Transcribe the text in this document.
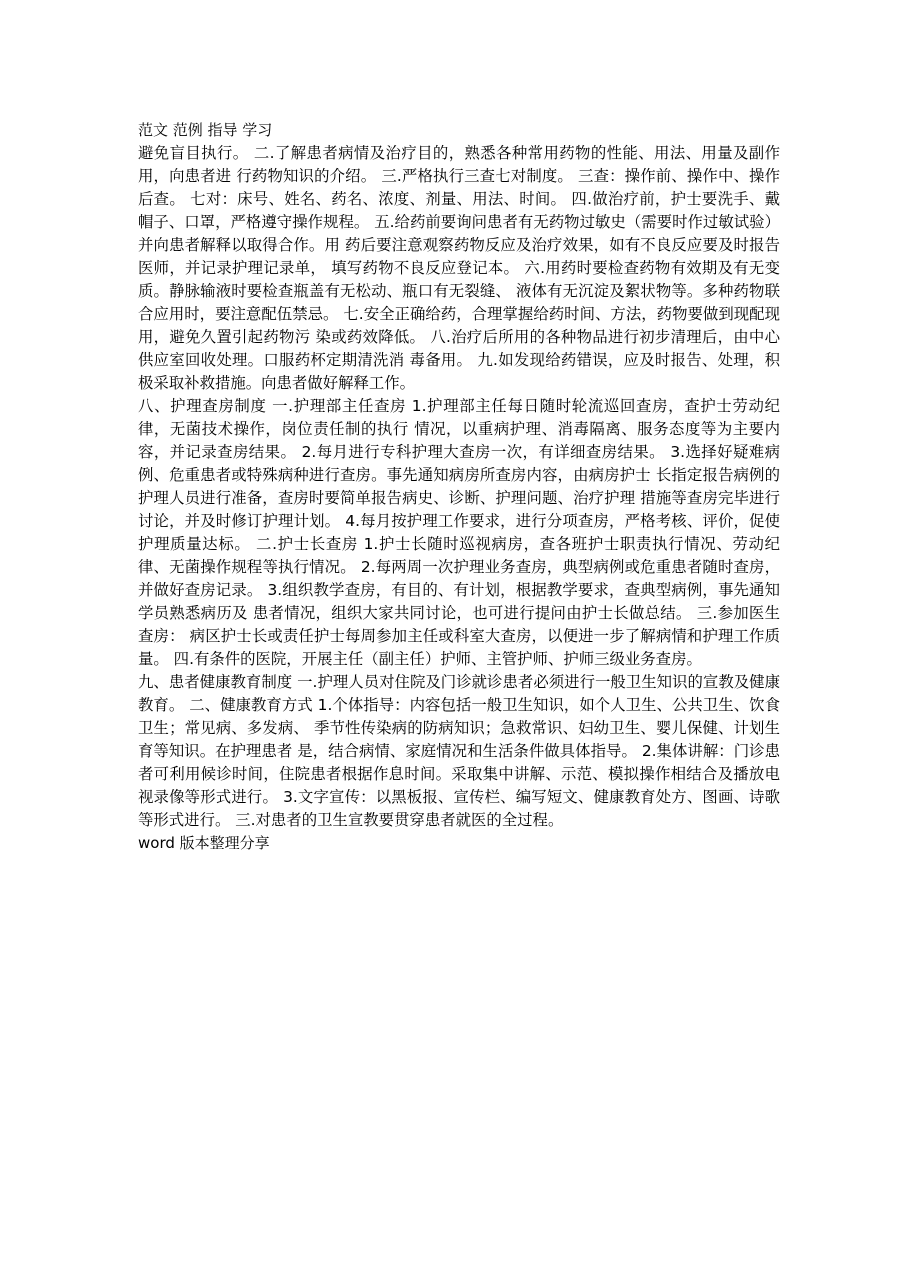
范文 范例 指导 学习

避免盲目执行。 二.了解患者病情及治疗目的，熟悉各种常用药物的性能、用法、用量及副作用，向患者进 行药物知识的介绍。 三.严格执行三查七对制度。 三查：操作前、操作中、操作后查。 七对：床号、姓名、药名、浓度、剂量、用法、时间。 四.做治疗前，护士要洗手、戴帽子、口罩，严格遵守操作规程。 五.给药前要询问患者有无药物过敏史（需要时作过敏试验）并向患者解释以取得合作。用 药后要注意观察药物反应及治疗效果，如有不良反应要及时报告医师，并记录护理记录单， 填写药物不良反应登记本。 六.用药时要检查药物有效期及有无变质。静脉输液时要检查瓶盖有无松动、瓶口有无裂缝、 液体有无沉淀及絮状物等。多种药物联合应用时，要注意配伍禁忌。 七.安全正确给药，合理掌握给药时间、方法，药物要做到现配现用，避免久置引起药物污 染或药效降低。 八.治疗后所用的各种物品进行初步清理后，由中心供应室回收处理。口服药杯定期清洗消 毒备用。 九.如发现给药错误，应及时报告、处理，积极采取补救措施。向患者做好解释工作。

八、护理查房制度 一.护理部主任查房 1.护理部主任每日随时轮流巡回查房，查护士劳动纪律，无菌技术操作，岗位责任制的执行 情况，以重病护理、消毒隔离、服务态度等为主要内容，并记录查房结果。 2.每月进行专科护理大查房一次，有详细查房结果。 3.选择好疑难病例、危重患者或特殊病种进行查房。事先通知病房所查房内容，由病房护士 长指定报告病例的护理人员进行准备，查房时要简单报告病史、诊断、护理问题、治疗护理 措施等查房完毕进行讨论，并及时修订护理计划。 4.每月按护理工作要求，进行分项查房，严格考核、评价，促使护理质量达标。 二.护士长查房 1.护士长随时巡视病房，查各班护士职责执行情况、劳动纪律、无菌操作规程等执行情况。 2.每两周一次护理业务查房，典型病例或危重患者随时查房，并做好查房记录。 3.组织教学查房，有目的、有计划，根据教学要求，查典型病例，事先通知学员熟悉病历及 患者情况，组织大家共同讨论，也可进行提问由护士长做总结。 三.参加医生查房： 病区护士长或责任护士每周参加主任或科室大查房，以便进一步了解病情和护理工作质量。 四.有条件的医院，开展主任（副主任）护师、主管护师、护师三级业务查房。

九、患者健康教育制度 一.护理人员对住院及门诊就诊患者必须进行一般卫生知识的宣教及健康教育。 二、健康教育方式 1.个体指导：内容包括一般卫生知识，如个人卫生、公共卫生、饮食卫生；常见病、多发病、 季节性传染病的防病知识；急救常识、妇幼卫生、婴儿保健、计划生育等知识。在护理患者 是，结合病情、家庭情况和生活条件做具体指导。 2.集体讲解：门诊患者可利用候诊时间，住院患者根据作息时间。采取集中讲解、示范、模拟操作相结合及播放电视录像等形式进行。 3.文字宣传：以黑板报、宣传栏、编写短文、健康教育处方、图画、诗歌等形式进行。 三.对患者的卫生宣教要贯穿患者就医的全过程。

word 版本整理分享
